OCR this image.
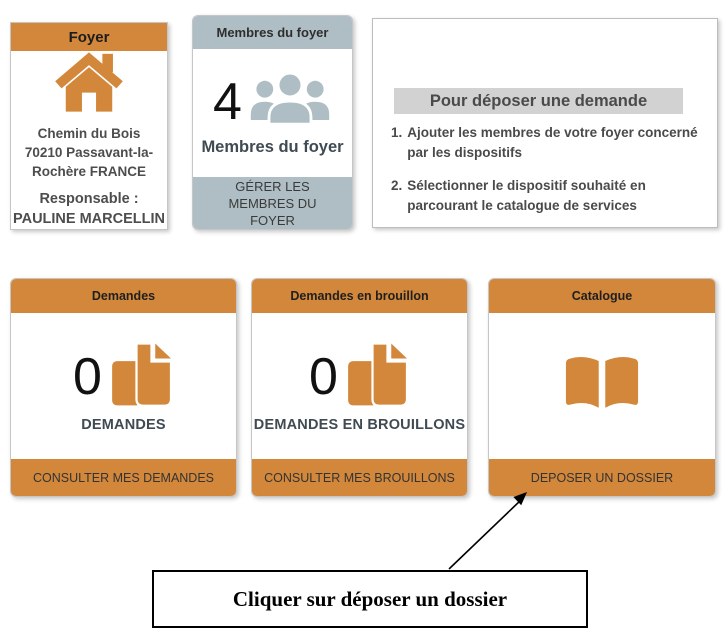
Foyer
Chemin du Bois
70210 Passavant-la-
Rochère FRANCE
Responsable :
PAULINE MARCELLIN
Membres du foyer
4
Membres du foyer
GÉRER LES MEMBRES DU FOYER
Pour déposer une demande
1. Ajouter les membres de votre foyer concerné par les dispositifs
2. Sélectionner le dispositif souhaité en parcourant le catalogue de services
Demandes
0
DEMANDES
CONSULTER MES DEMANDES
Demandes en brouillon
0
DEMANDES EN BROUILLONS
CONSULTER MES BROUILLONS
Catalogue
DEPOSER UN DOSSIER
Cliquer sur déposer un dossier
